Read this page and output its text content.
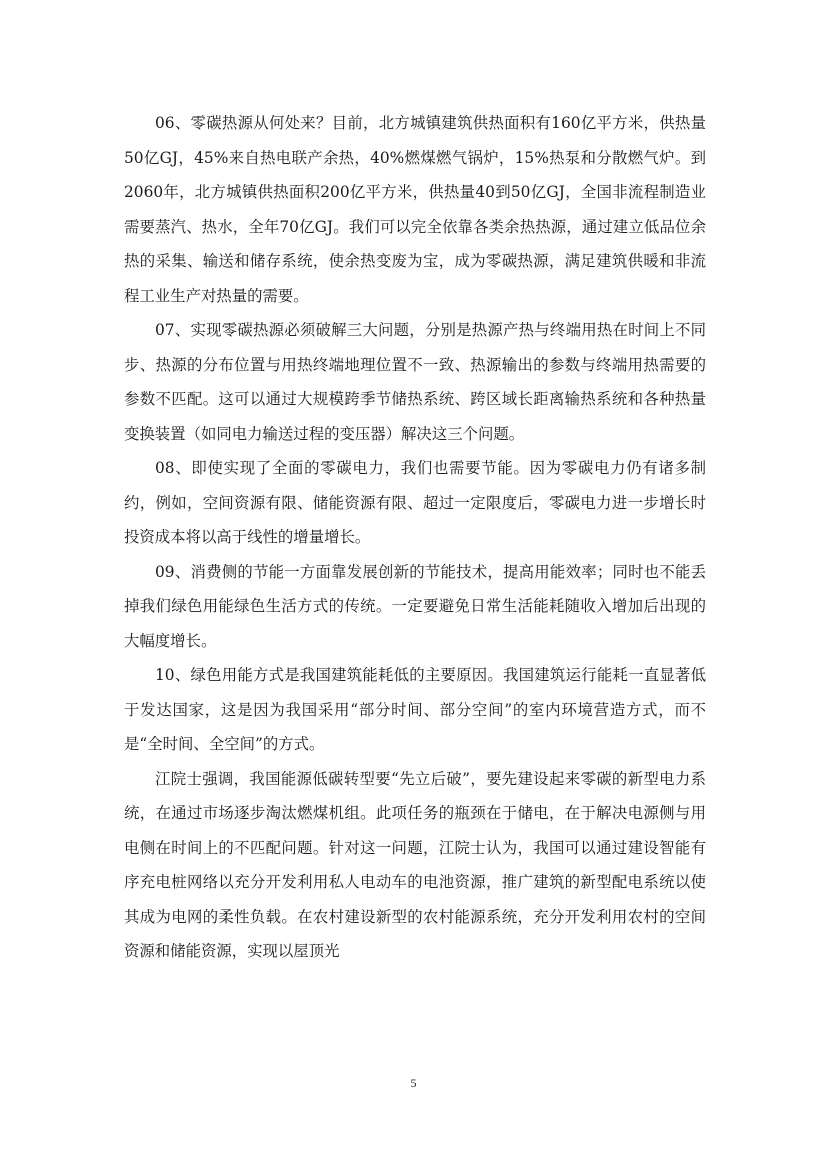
06、零碳热源从何处来？目前，北方城镇建筑供热面积有160亿平方米，供热量50亿GJ，45%来自热电联产余热，40%燃煤燃气锅炉，15%热泵和分散燃气炉。到2060年，北方城镇供热面积200亿平方米，供热量40到50亿GJ，全国非流程制造业需要蒸汽、热水，全年70亿GJ。我们可以完全依靠各类余热热源，通过建立低品位余热的采集、输送和储存系统，使余热变废为宝，成为零碳热源，满足建筑供暖和非流程工业生产对热量的需要。

07、实现零碳热源必须破解三大问题，分别是热源产热与终端用热在时间上不同步、热源的分布位置与用热终端地理位置不一致、热源输出的参数与终端用热需要的参数不匹配。这可以通过大规模跨季节储热系统、跨区域长距离输热系统和各种热量变换装置（如同电力输送过程的变压器）解决这三个问题。

08、即使实现了全面的零碳电力，我们也需要节能。因为零碳电力仍有诸多制约，例如，空间资源有限、储能资源有限、超过一定限度后，零碳电力进一步增长时投资成本将以高于线性的增量增长。

09、消费侧的节能一方面靠发展创新的节能技术，提高用能效率；同时也不能丢掉我们绿色用能绿色生活方式的传统。一定要避免日常生活能耗随收入增加后出现的大幅度增长。

10、绿色用能方式是我国建筑能耗低的主要原因。我国建筑运行能耗一直显著低于发达国家，这是因为我国采用“部分时间、部分空间”的室内环境营造方式，而不是“全时间、全空间”的方式。

江院士强调，我国能源低碳转型要“先立后破”，要先建设起来零碳的新型电力系统，在通过市场逐步淘汰燃煤机组。此项任务的瓶颈在于储电，在于解决电源侧与用电侧在时间上的不匹配问题。针对这一问题，江院士认为，我国可以通过建设智能有序充电桩网络以充分开发利用私人电动车的电池资源，推广建筑的新型配电系统以使其成为电网的柔性负载。在农村建设新型的农村能源系统，充分开发利用农村的空间资源和储能资源，实现以屋顶光

5
